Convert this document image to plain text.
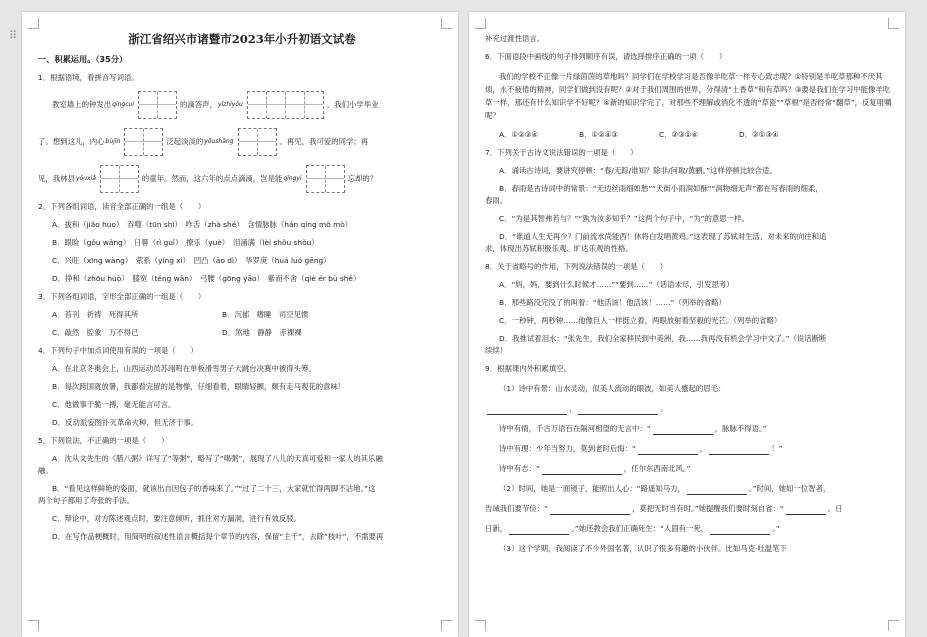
浙江省绍兴市诸暨市2023年小升初语文试卷
一、积累运用。（35分）
1．根据语境，看拼音写词语。
教室墙上的钟发出 qīngcuì	的滴答声， yīzhìyǒu	，我们小学毕业
了。想到这儿，内心 bùjīn	泛起淡淡的 yōushāng	。再见，我可爱的同学；再
见，我林县 yōuxiǎ	的童年。然而，这六年的点点滴滴，岂是能 qīngyì	忘却的？
2．下列各组词语，读音全部正确的一组是（　　）
A．拔和（jiǎo huo）　吞噬（tūn shì）　咋舌（zhà shé）　含情脉脉（hán qíng mò mò）
B．眼睑（gǒu wǎng）　日晷（rì guǐ）　撩乐（yuè）　泪涌满（lèi shǒu shǒu）
C．兴旺（xīng wàng）　萦系（yíng xì）　凹凸（āo dì）　华罗庚（huá luó gēng）
D．挣和（zhōu huò）　膝宽（téng wǎn）　弓腰（gōng yāo）　紫而不舍（qiè ér bù shě）
3．下列各组词语，字形全部正确的一组是（　　）
A．苔刊　祈祷　死得其所	B．沉郁　嗜睡　司空见惯
C．敲然　腔象　万不得已	D．煞地　静静　赤裸裸
4．下列句子中加点词使用有误的一项是（　　）
A．在北京冬奥会上，山西运动员苏翊鸣在单板滑雪男子大跳台决赛中被得头筹。
B．每次跨国就放暑，我都看完留的是物像，仔细看着，眼睛轻颤，颇有走马观花的意味！
C．他做事干脆一搏，毫无能言可言。
D．反动派妄图扑灭革命火种，但无济于事。
5．下列说法，不正确的一项是（　　）
A．沈从文先生的《腊八粥》详写了“等粥”，略写了“喝粥”，展现了八儿的天真可爱和一家人的其乐融
融。
B．“看见这样鲜艳的姿面，就该出自因包子的香味来了。”“过了二十三，大家就忙得两脚不沾地。”这
两个句子都用了夸张的手法。
C．辩论中，对方陈述观点时，要注意倾听，抓住对方漏洞，进行有效反驳。
D．在写作品梗概时，用简明的叙述性语言概括每个章节的内容，保留“主干”，去除“枝叶”，不需要再
⠿	补充过渡性语言。
6．下面语段中画线的句子排列顺序有误，请选择排序正确的一项（　　）
我们的学校不正像一片绿茵茵的草地吗？同学们在学校学习是否像羊吃草一样专心致志呢？①特别是羊吃草那种不厌其烦，永不疲倦的精神，同学们做到没有呢？②对于我们周围的世界，分得清“土香草”和有草吗？③要是我们在学习中能像羊吃草一样，那还有什么知识学不好呢？④新的知识学完了，对那些不理解或消化不透的“草瓷”“草根”是否经常“翻草”，反复咀嚼呢？
A．①②③④	B．①②④③	C．②③①④	D．②①③④
7．下列关于古诗文说法错误的一项是（　　）
A．诵读古诗词，要讲究停顿：“春/无踪/谁知？除非/问取/黄鹂。”这样停顿比较合适。
B．春雨是古诗词中的常景：“无边丝雨细如愁”“天街小雨润如酥”“润物细无声”都在写春雨的细柔，
春雨。
C．“为是其智弗若与？”“孰为汝多知乎？”这两个句子中，“为”的意思一样。
D．“谁道人生无再少？门前流水尚能西！休将白发唱黄鸡。”这表现了苏轼对生活、对未来的向往和追
求，体现出苏轼积极乐观、旷达乐观的性格。
8．关于省略号的作用，下列说法错误的一项是（　　）
A．“妈，妈，要到什么时候才……”“要到……”（话语未尽，引发思考）
B．那些路没完没了的叫着：“他活该！他活该！……”（列举的省略）
C．一秒钟，两秒钟……他像巨人一样挺立着，两眼放射着坚毅的光芒。（列举的省略）
D．我推试着泪水：“张先生，我们全家移民到中美洲，我……我再没有机会学习中文了。”（说话断断
续续）
9．根据课内外积累填空。
（1）诗中有景：山水灵动，似美人流动的眼波，如美人蹙起的眉毛：
，	。
诗中有情，千古万语百在隔河相望的无言中：“	，脉脉不得语。”
诗中有理：少年当努力，莫到老时后悔：“	，	！”
诗中有志：“	，任尔东西南北风。”
（2）时间，她是一面镜子，能照出人心：“路遥知马力，	。”时间，她如一位智者，
告诫我们要节俭：“	，莫把无时当有时。”她提醒我们要时刻自省：“	。日
日新，	。”她还教会我们正确死生：“人固有一死，	。”
（3）这个学期，我阅读了不少外国名著，认识了很多有趣的小伙伴。比如马克·吐温笔下
